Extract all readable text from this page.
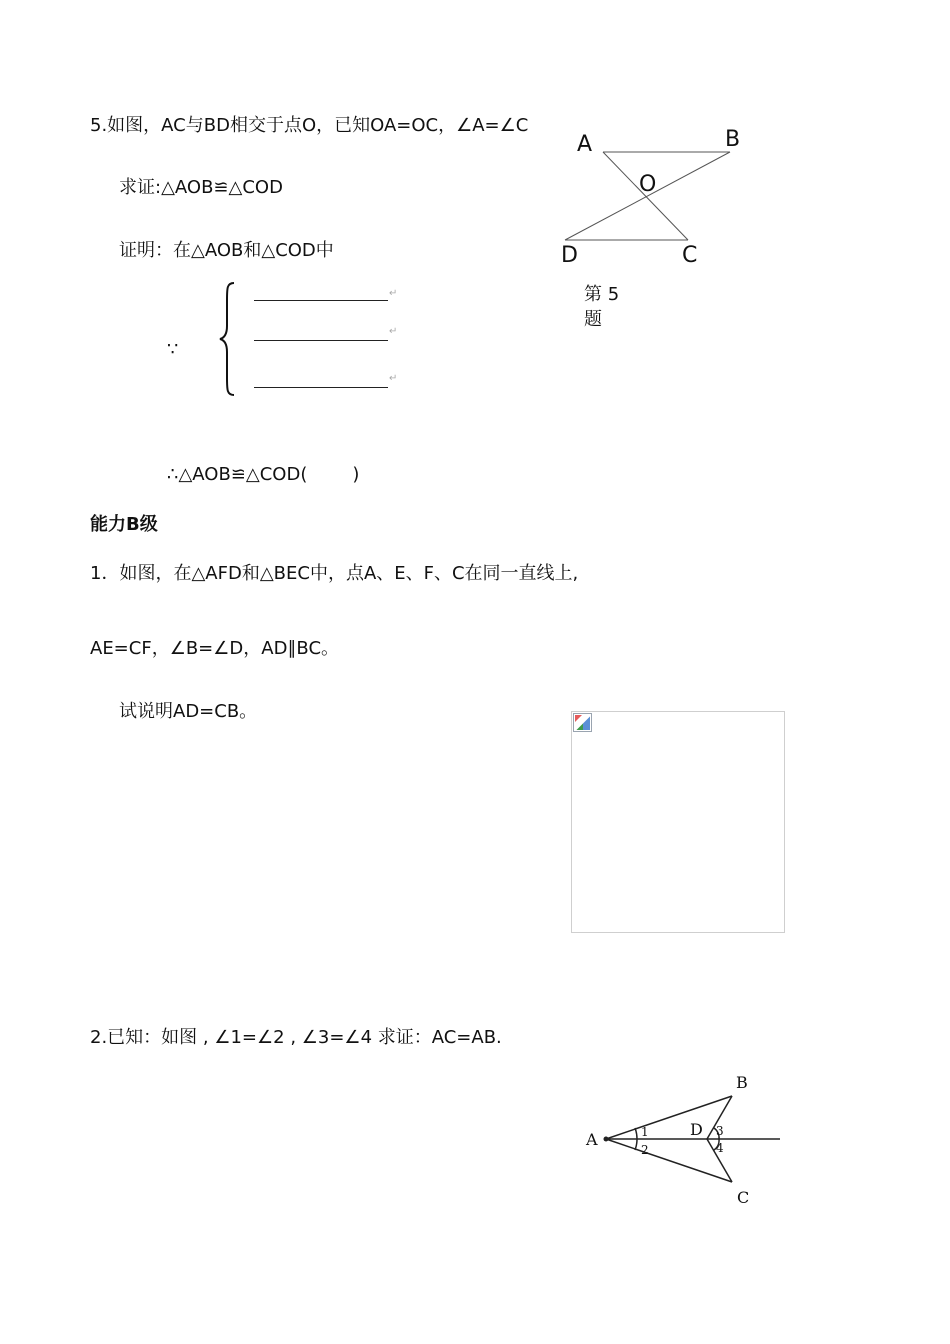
5.如图，AC与BD相交于点O，已知OA=OC，∠A=∠C
求证:△AOB≌△COD
证明：在△AOB和△COD中
∵
↵
↵
↵
∴△AOB≌△COD(	)
A	B
O
D	C
第 5
题
能力B级
1．如图，在△AFD和△BEC中，点A、E、F、C在同一直线上,
AE=CF，∠B=∠D，AD∥BC。
试说明AD=CB。
2.已知：如图 , ∠1=∠2 , ∠3=∠4 求证：AC=AB.
A
B
C
D
1
2
3
4
